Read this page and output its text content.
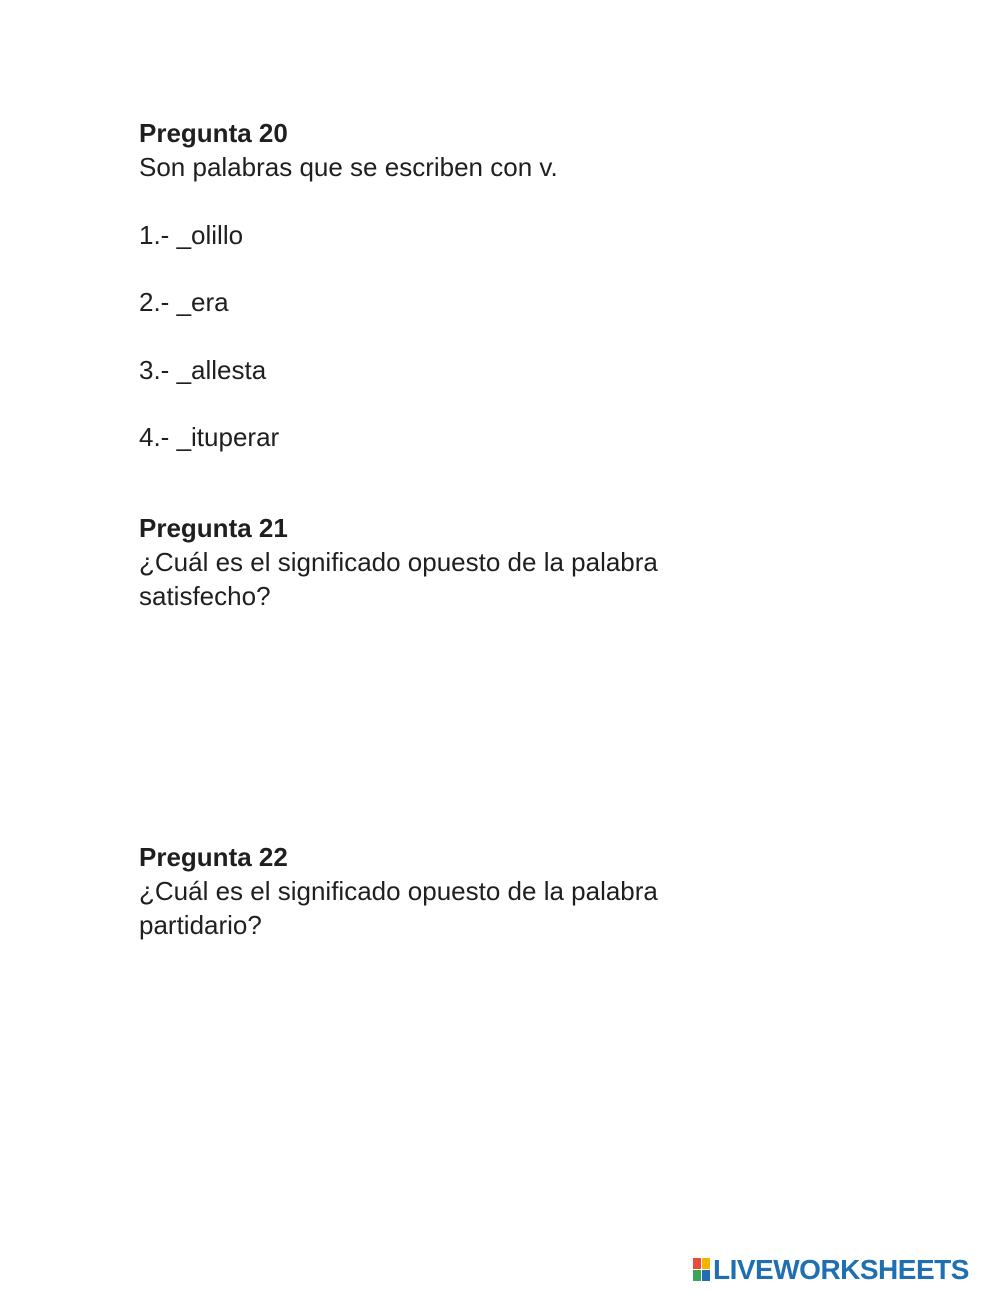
Pregunta 20

Son palabras que se escriben con v.

1.- _olillo

2.- _era

3.- _allesta

4.- _ituperar

Pregunta 21

¿Cuál es el significado opuesto de la palabra satisfecho?

Pregunta 22

¿Cuál es el significado opuesto de la palabra partidario?

LIVEWORKSHEETS
